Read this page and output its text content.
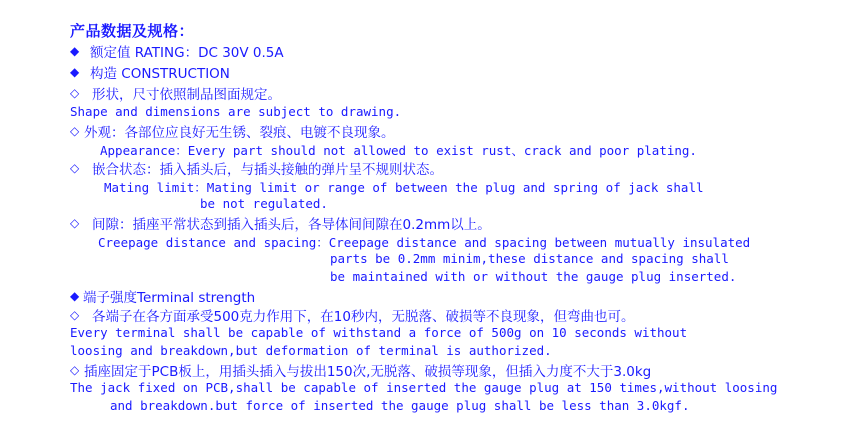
产品数据及规格：
◆ 额定值 RATING：DC 30V 0.5A
◆ 构造 CONSTRUCTION
◇ 形状，尺寸依照制品图面规定。
Shape and dimensions are subject to drawing.
◇ 外观：各部位应良好无生锈、裂痕、电镀不良现象。
Appearance：Every part should not allowed to exist rust、crack and poor plating.
◇ 嵌合状态：插入插头后，与插头接触的弹片呈不规则状态。
Mating limit：Mating limit or range of between the plug and spring of jack shall
be not regulated.
◇ 间隙：插座平常状态到插入插头后，各导体间间隙在0.2mm以上。
Creepage distance and spacing：Creepage distance and spacing between mutually insulated
parts be 0.2mm minim,these distance and spacing shall
be maintained with or without the gauge plug inserted.
◆ 端子强度Terminal strength
◇ 各端子在各方面承受500克力作用下，在10秒内，无脱落、破损等不良现象，但弯曲也可。
Every terminal shall be capable of withstand a force of 500g on 10 seconds without
loosing and breakdown,but deformation of terminal is authorized.
◇ 插座固定于PCB板上，用插头插入与拔出150次,无脱落、破损等现象，但插入力度不大于3.0kg
The jack fixed on PCB,shall be capable of inserted the gauge plug at 150 times,without loosing
and breakdown.but force of inserted the gauge plug shall be less than 3.0kgf.
